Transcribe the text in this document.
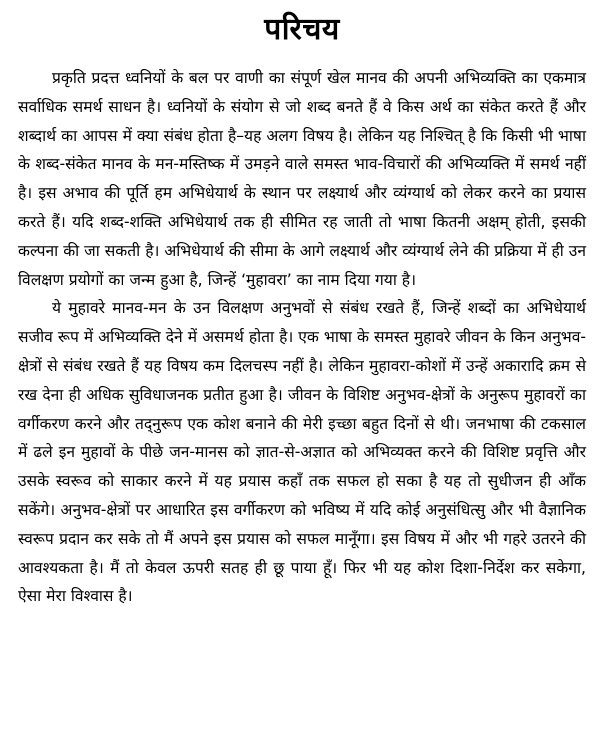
परिचय

प्रकृति प्रदत्त ध्वनियों के बल पर वाणी का संपूर्ण खेल मानव की अपनी अभिव्यक्ति का एकमात्र सर्वाधिक समर्थ साधन है। ध्वनियों के संयोग से जो शब्द बनते हैं वे किस अर्थ का संकेत करते हैं और शब्दार्थ का आपस में क्या संबंध होता है–यह अलग विषय है। लेकिन यह निश्चित् है कि किसी भी भाषा के शब्द-संकेत मानव के मन-मस्तिष्क में उमड़ने वाले समस्त भाव-विचारों की अभिव्यक्ति में समर्थ नहीं है। इस अभाव की पूर्ति हम अभिधेयार्थ के स्थान पर लक्ष्यार्थ और व्यंग्यार्थ को लेकर करने का प्रयास करते हैं। यदि शब्द-शक्ति अभिधेयार्थ तक ही सीमित रह जाती तो भाषा कितनी अक्षम् होती, इसकी कल्पना की जा सकती है। अभिधेयार्थ की सीमा के आगे लक्ष्यार्थ और व्यंग्यार्थ लेने की प्रक्रिया में ही उन विलक्षण प्रयोगों का जन्म हुआ है, जिन्हें ‘मुहावरा’ का नाम दिया गया है।

ये मुहावरे मानव-मन के उन विलक्षण अनुभवों से संबंध रखते हैं, जिन्हें शब्दों का अभिधेयार्थ सजीव रूप में अभिव्यक्ति देने में असमर्थ होता है। एक भाषा के समस्त मुहावरे जीवन के किन अनुभव-क्षेत्रों से संबंध रखते हैं यह विषय कम दिलचस्प नहीं है। लेकिन मुहावरा-कोशों में उन्हें अकारादि क्रम से रख देना ही अधिक सुविधाजनक प्रतीत हुआ है। जीवन के विशिष्ट अनुभव-क्षेत्रों के अनुरूप मुहावरों का वर्गीकरण करने और तद्नुरूप एक कोश बनाने की मेरी इच्छा बहुत दिनों से थी। जनभाषा की टकसाल में ढले इन मुहावों के पीछे जन-मानस को ज्ञात-से-अज्ञात को अभिव्यक्त करने की विशिष्ट प्रवृत्ति और उसके स्वरूव को साकार करने में यह प्रयास कहाँ तक सफल हो सका है यह तो सुधीजन ही आँक सकेंगे। अनुभव-क्षेत्रों पर आधारित इस वर्गीकरण को भविष्य में यदि कोई अनुसंधित्सु और भी वैज्ञानिक स्वरूप प्रदान कर सके तो मैं अपने इस प्रयास को सफल मानूँगा। इस विषय में और भी गहरे उतरने की आवश्यकता है। मैं तो केवल ऊपरी सतह ही छू पाया हूँ। फिर भी यह कोश दिशा-निर्देश कर सकेगा, ऐसा मेरा विश्वास है।
